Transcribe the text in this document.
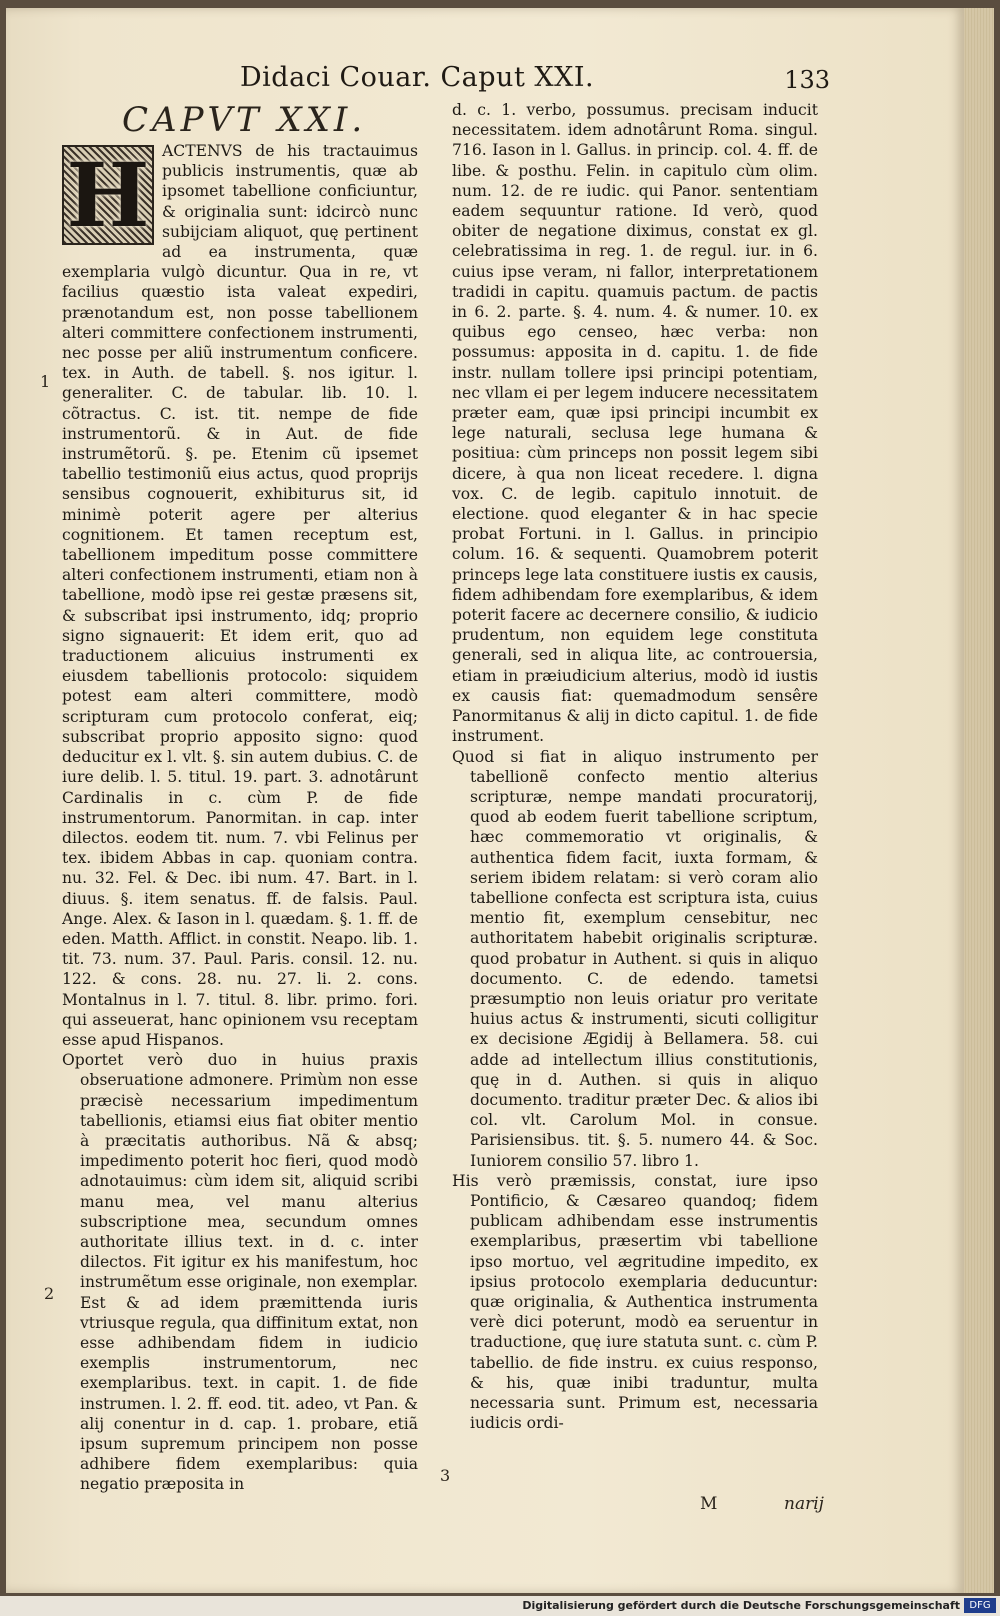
Didaci Couar. Caput XXI.	133
CAPVT XXI.
H ACTENVS de his tractauimus publicis instrumentis, quæ ab ipsomet tabellione conficiuntur, & originalia sunt: idcircò nunc subijciam aliquot, quę pertinent ad ea instrumenta, quæ exemplaria vulgò dicuntur. Qua in re, vt facilius quæstio ista valeat expediri, prænotandum est, non posse tabellionem alteri committere confectionem instrumenti, nec posse per aliũ instrumentum conficere. tex. in Auth. de tabell. §. nos igitur. l. generaliter. C. de tabular. lib. 10. l. cõtractus. C. ist. tit. nempe de fide instrumentorũ. & in Aut. de fide instrumẽtorũ. §. pe. Etenim cũ ipsemet tabellio testimoniũ eius actus, quod proprijs sensibus cognouerit, exhibiturus sit, id minimè poterit agere per alterius cognitionem. Et tamen receptum est, tabellionem impeditum posse committere alteri confectionem instrumenti, etiam non à tabellione, modò ipse rei gestæ præsens sit, & subscribat ipsi instrumento, idq; proprio signo signauerit: Et idem erit, quo ad traductionem alicuius instrumenti ex eiusdem tabellionis protocolo: siquidem potest eam alteri committere, modò scripturam cum protocolo conferat, eiq; subscribat proprio apposito signo: quod deducitur ex l. vlt. §. sin autem dubius. C. de iure delib. l. 5. titul. 19. part. 3. adnotârunt Cardinalis in c. cùm P. de fide instrumentorum. Panormitan. in cap. inter dilectos. eodem tit. num. 7. vbi Felinus per tex. ibidem Abbas in cap. quoniam contra. nu. 32. Fel. & Dec. ibi num. 47. Bart. in l. diuus. §. item senatus. ff. de falsis. Paul. Ange. Alex. & Iason in l. quædam. §. 1. ff. de eden. Matth. Afflict. in constit. Neapo. lib. 1. tit. 73. num. 37. Paul. Paris. consil. 12. nu. 122. & cons. 28. nu. 27. li. 2. cons. Montalnus in l. 7. titul. 8. libr. primo. fori. qui asseuerat, hanc opinionem vsu receptam esse apud Hispanos.

Oportet verò duo in huius praxis obseruatione admonere. Primùm non esse præcisè necessarium impedimentum tabellionis, etiamsi eius fiat obiter mentio à præcitatis authoribus. Nã & absq; impedimento poterit hoc fieri, quod modò adnotauimus: cùm idem sit, aliquid scribi manu mea, vel manu alterius subscriptione mea, secundum omnes authoritate illius text. in d. c. inter dilectos. Fit igitur ex his manifestum, hoc instrumẽtum esse originale, non exemplar. Est & ad idem præmittenda iuris vtriusque regula, qua diffinitum extat, non esse adhibendam fidem in iudicio exemplis instrumentorum, nec exemplaribus. text. in capit. 1. de fide instrumen. l. 2. ff. eod. tit. adeo, vt Pan. & alij conentur in d. cap. 1. probare, etiã ipsum supremum principem non posse adhibere fidem exemplaribus: quia negatio præposita in

d. c. 1. verbo, possumus. precisam inducit necessitatem. idem adnotârunt Roma. singul. 716. Iason in l. Gallus. in princip. col. 4. ff. de libe. & posthu. Felin. in capitulo cùm olim. num. 12. de re iudic. qui Panor. sententiam eadem sequuntur ratione. Id verò, quod obiter de negatione diximus, constat ex gl. celebratissima in reg. 1. de regul. iur. in 6. cuius ipse veram, ni fallor, interpretationem tradidi in capitu. quamuis pactum. de pactis in 6. 2. parte. §. 4. num. 4. & numer. 10. ex quibus ego censeo, hæc verba: non possumus: apposita in d. capitu. 1. de fide instr. nullam tollere ipsi principi potentiam, nec vllam ei per legem inducere necessitatem præter eam, quæ ipsi principi incumbit ex lege naturali, seclusa lege humana & positiua: cùm princeps non possit legem sibi dicere, à qua non liceat recedere. l. digna vox. C. de legib. capitulo innotuit. de electione. quod eleganter & in hac specie probat Fortuni. in l. Gallus. in principio colum. 16. & sequenti. Quamobrem poterit princeps lege lata constituere iustis ex causis, fidem adhibendam fore exemplaribus, & idem poterit facere ac decernere consilio, & iudicio prudentum, non equidem lege constituta generali, sed in aliqua lite, ac controuersia, etiam in præiudicium alterius, modò id iustis ex causis fiat: quemadmodum sensêre Panormitanus & alij in dicto capitul. 1. de fide instrument.

Quod si fiat in aliquo instrumento per tabellionẽ confecto mentio alterius scripturæ, nempe mandati procuratorij, quod ab eodem fuerit tabellione scriptum, hæc commemoratio vt originalis, & authentica fidem facit, iuxta formam, & seriem ibidem relatam: si verò coram alio tabellione confecta est scriptura ista, cuius mentio fit, exemplum censebitur, nec authoritatem habebit originalis scripturæ. quod probatur in Authent. si quis in aliquo documento. C. de edendo. tametsi præsumptio non leuis oriatur pro veritate huius actus & instrumenti, sicuti colligitur ex decisione Ægidij à Bellamera. 58. cui adde ad intellectum illius constitutionis, quę in d. Authen. si quis in aliquo documento. traditur præter Dec. & alios ibi col. vlt. Carolum Mol. in consue. Parisiensibus. tit. §. 5. numero 44. & Soc. Iuniorem consilio 57. libro 1.

His verò præmissis, constat, iure ipso Pontificio, & Cæsareo quandoq; fidem publicam adhibendam esse instrumentis exemplaribus, præsertim vbi tabellione ipso mortuo, vel ægritudine impedito, ex ipsius protocolo exemplaria deducuntur: quæ originalia, & Authentica instrumenta verè dici poterunt, modò ea seruentur in traductione, quę iure statuta sunt. c. cùm P. tabellio. de fide instru. ex cuius responso, & his, quæ inibi traduntur, multa necessaria sunt. Primum est, necessaria iudicis ordi-

1
2
3
M	narij
Digitalisierung gefördert durch die Deutsche Forschungsgemeinschaft DFG
